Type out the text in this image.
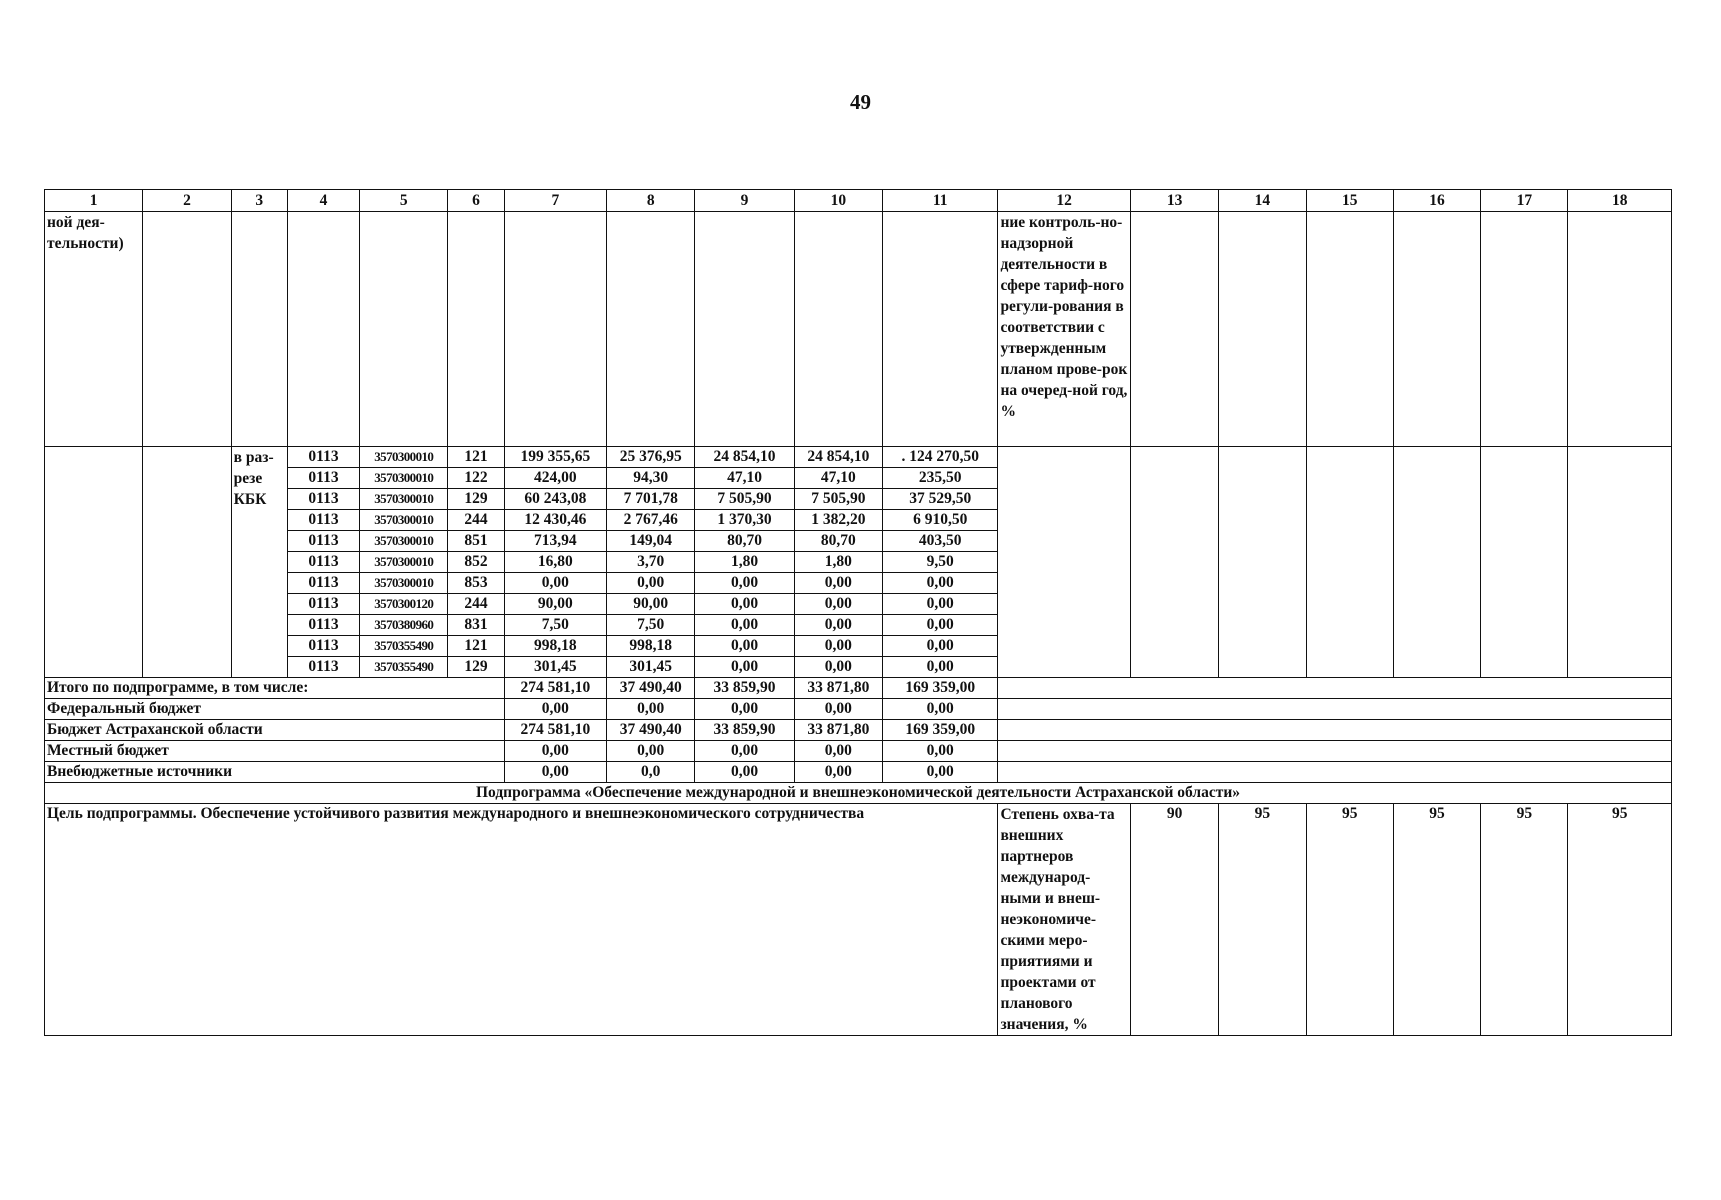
49
1	2	3	4	5	6	7	8	9	10	11	12	13	14	15	16	17	18
ной дея-тельности)											ние контроль-но-надзорной деятельности в сфере тариф-ного регули-рования в соответствии с утвержденным планом прове-рок на очеред-ной год, %						
		в раз-резе КБК	0113	3570300010	121	199 355,65	25 376,95	24 854,10	24 854,10	. 124 270,50							
			0113	3570300010	122	424,00	94,30	47,10	47,10	235,50							
			0113	3570300010	129	60 243,08	7 701,78	7 505,90	7 505,90	37 529,50							
			0113	3570300010	244	12 430,46	2 767,46	1 370,30	1 382,20	6 910,50							
			0113	3570300010	851	713,94	149,04	80,70	80,70	403,50							
			0113	3570300010	852	16,80	3,70	1,80	1,80	9,50							
			0113	3570300010	853	0,00	0,00	0,00	0,00	0,00							
			0113	3570300120	244	90,00	90,00	0,00	0,00	0,00							
			0113	3570380960	831	7,50	7,50	0,00	0,00	0,00							
			0113	3570355490	121	998,18	998,18	0,00	0,00	0,00							
			0113	3570355490	129	301,45	301,45	0,00	0,00	0,00							
Итого по подпрограмме, в том числе:						274 581,10	37 490,40	33 859,90	33 871,80	169 359,00							
Федеральный бюджет						0,00	0,00	0,00	0,00	0,00							
Бюджет Астраханской области						274 581,10	37 490,40	33 859,90	33 871,80	169 359,00							
Местный бюджет						0,00	0,00	0,00	0,00	0,00							
Внебюджетные источники						0,00	0,0	0,00	0,00	0,00							
Подпрограмма «Обеспечение международной и внешнеэкономической деятельности Астраханской области»																	
Цель подпрограммы. Обеспечение устойчивого развития международного и внешнеэкономического сотрудничества											Степень охва-та внешних партнеров международ-ными и внеш-неэкономиче-скими меро-приятиями и проектами от планового значения, %	90	95	95	95	95	95
